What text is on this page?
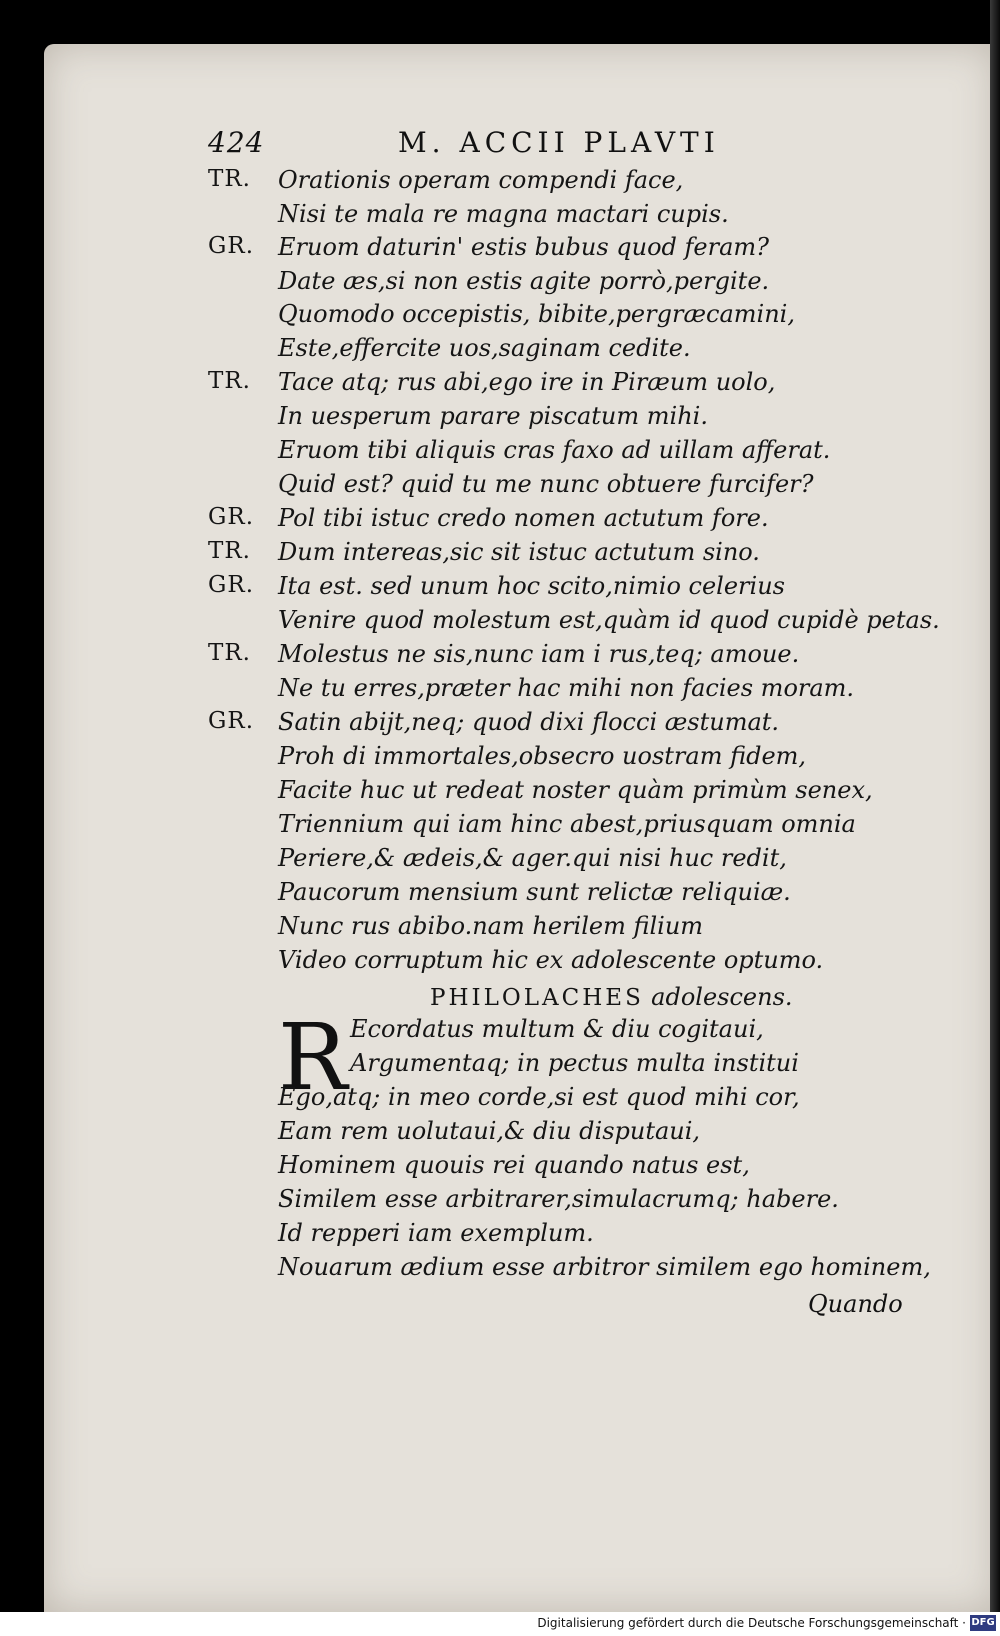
424	M. ACCII PLAVTI
TR. Orationis operam compendi face,
Nisi te mala re magna mactari cupis.
GR. Eruom daturin' estis bubus quod feram?
Date æs,si non estis agite porrò,pergite.
Quomodo occepistis, bibite,pergræcamini,
Este,effercite uos,saginam cedite.
TR. Tace atq; rus abi,ego ire in Piræum uolo,
In uesperum parare piscatum mihi.
Eruom tibi aliquis cras faxo ad uillam afferat.
Quid est? quid tu me nunc obtuere furcifer?
GR. Pol tibi istuc credo nomen actutum fore.
TR. Dum intereas,sic sit istuc actutum sino.
GR. Ita est. sed unum hoc scito,nimio celerius
Venire quod molestum est,quàm id quod cupidè petas.
TR. Molestus ne sis,nunc iam i rus,teq; amoue.
Ne tu erres,præter hac mihi non facies moram.
GR. Satin abijt,neq; quod dixi flocci æstumat.
Proh di immortales,obsecro uostram fidem,
Facite huc ut redeat noster quàm primùm senex,
Triennium qui iam hinc abest,priusquam omnia
Periere,& ædeis,& ager.qui nisi huc redit,
Paucorum mensium sunt relictæ reliquiæ.
Nunc rus abibo.nam herilem filium
Video corruptum hic ex adolescente optumo.
PHILOLACHES adolescens.
R Ecordatus multum & diu cogitaui,
Argumentaq; in pectus multa institui
Ego,atq; in meo corde,si est quod mihi cor,
Eam rem uolutaui,& diu disputaui,
Hominem quouis rei quando natus est,
Similem esse arbitrarer,simulacrumq; habere.
Id repperi iam exemplum.
Nouarum ædium esse arbitror similem ego hominem,
Quando
Digitalisierung gefördert durch die Deutsche Forschungsgemeinschaft · DFG
